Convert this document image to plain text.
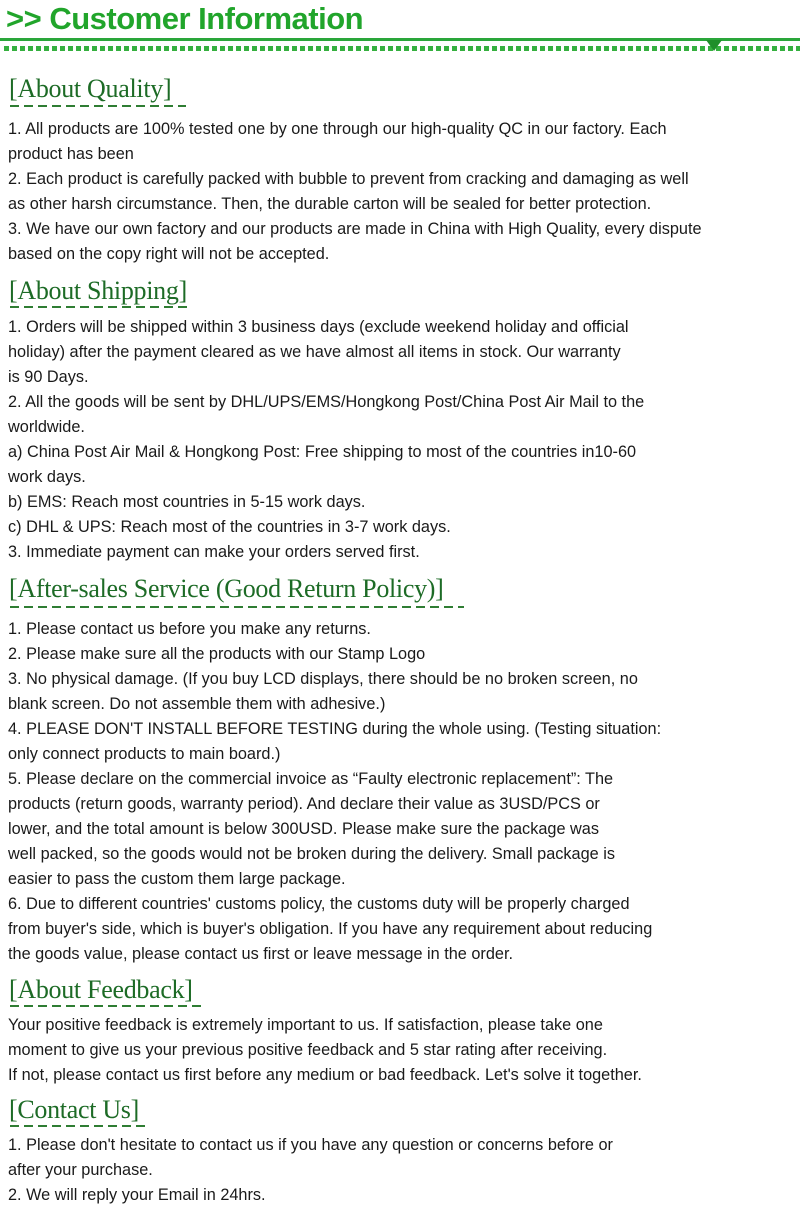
>> Customer Information
[About Quality]
1. All products are 100% tested one by one through our high-quality QC in our factory. Each
product has been
2. Each product is carefully packed with bubble to prevent from cracking and damaging as well
as other harsh circumstance. Then, the durable carton will be sealed for better protection.
3. We have our own factory and our products are made in China with High Quality, every dispute
based on the copy right will not be accepted.
[About Shipping]
1. Orders will be shipped within 3 business days (exclude weekend holiday and official
holiday) after the payment cleared as we have almost all items in stock. Our warranty
is 90 Days.
2. All the goods will be sent by DHL/UPS/EMS/Hongkong Post/China Post Air Mail to the
worldwide.
a) China Post Air Mail & Hongkong Post: Free shipping to most of the countries in10-60
work days.
b) EMS: Reach most countries in 5-15 work days.
c) DHL & UPS: Reach most of the countries in 3-7 work days.
3. Immediate payment can make your orders served first.
[After-sales Service (Good Return Policy)]
1. Please contact us before you make any returns.
2. Please make sure all the products with our Stamp Logo
3. No physical damage. (If you buy LCD displays, there should be no broken screen, no
blank screen. Do not assemble them with adhesive.)
4. PLEASE DON'T INSTALL BEFORE TESTING during the whole using. (Testing situation:
only connect products to main board.)
5. Please declare on the commercial invoice as “Faulty electronic replacement”: The
products (return goods, warranty period). And declare their value as 3USD/PCS or
lower, and the total amount is below 300USD. Please make sure the package was
well packed, so the goods would not be broken during the delivery. Small package is
easier to pass the custom them large package.
6. Due to different countries' customs policy, the customs duty will be properly charged
from buyer's side, which is buyer's obligation. If you have any requirement about reducing
the goods value, please contact us first or leave message in the order.
[About Feedback]
Your positive feedback is extremely important to us. If satisfaction, please take one
moment to give us your previous positive feedback and 5 star rating after receiving.
If not, please contact us first before any medium or bad feedback. Let's solve it together.
[Contact Us]
1. Please don't hesitate to contact us if you have any question or concerns before or
after your purchase.
2. We will reply your Email in 24hrs.
